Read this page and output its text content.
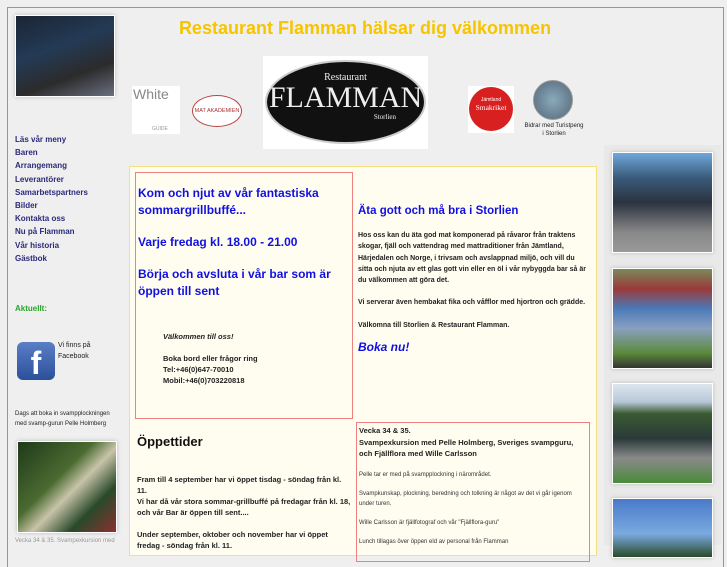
Restaurant Flamman hälsar dig välkommen
White
GUIDE
MAT AKADEMIEN
Restaurant
FLAMMAN
Storlien
Jämtland
Smakriket
Bidrar med Turistpeng i Storlien
Läs vår meny
Baren
Arrangemang
Leverantörer
Samarbetspartners
Bilder
Kontakta oss
Nu på Flamman
Vår historia
Gästbok
Aktuellt:
f	Vi finns på Facebook
Dags att boka in svampplockningen med svamp-gurun Pelle Holmberg
Vecka 34 & 35. Svampexkursion med
Kom och njut av vår fantastiska sommargrillbuffé...
Varje fredag kl. 18.00 - 21.00
Börja och avsluta i vår bar som är öppen till sent
Välkommen till oss!
Boka bord eller frågor ring
Tel:+46(0)647-70010
Mobil:+46(0)703220818
Öppettider
Fram till 4 september har vi öppet tisdag - söndag från kl. 11.
Vi har då vår stora sommar-grillbuffé på fredagar från kl. 18, och vår Bar är öppen till sent....
Under september, oktober och november har vi öppet fredag - söndag från kl. 11.
Äta gott och må bra i Storlien
Hos oss kan du äta god mat komponerad på råvaror från traktens skogar, fjäll och vattendrag med mattraditioner från Jämtland, Härjedalen och Norge, i trivsam och avslappnad miljö, och vill du sitta och njuta av ett glas gott vin eller en öl i vår nybyggda bar så är du välkommen att göra det.
Vi serverar även hembakat fika och våfflor med hjortron och grädde.
Välkomna till Storlien & Restaurant Flamman.
Boka nu!
Vecka 34 & 35.
Svampexkursion med Pelle Holmberg, Sveriges svampguru, och Fjällflora med Wille Carlsson
Pelle tar er med på svampplockning i närområdet.
Svampkunskap, plockning, beredning och tolkning är något av det vi går igenom under turen.
Wille Carlsson är fjällfotograf och vår "Fjällflora-guru"
Lunch tillagas över öppen eld av personal från Flamman
